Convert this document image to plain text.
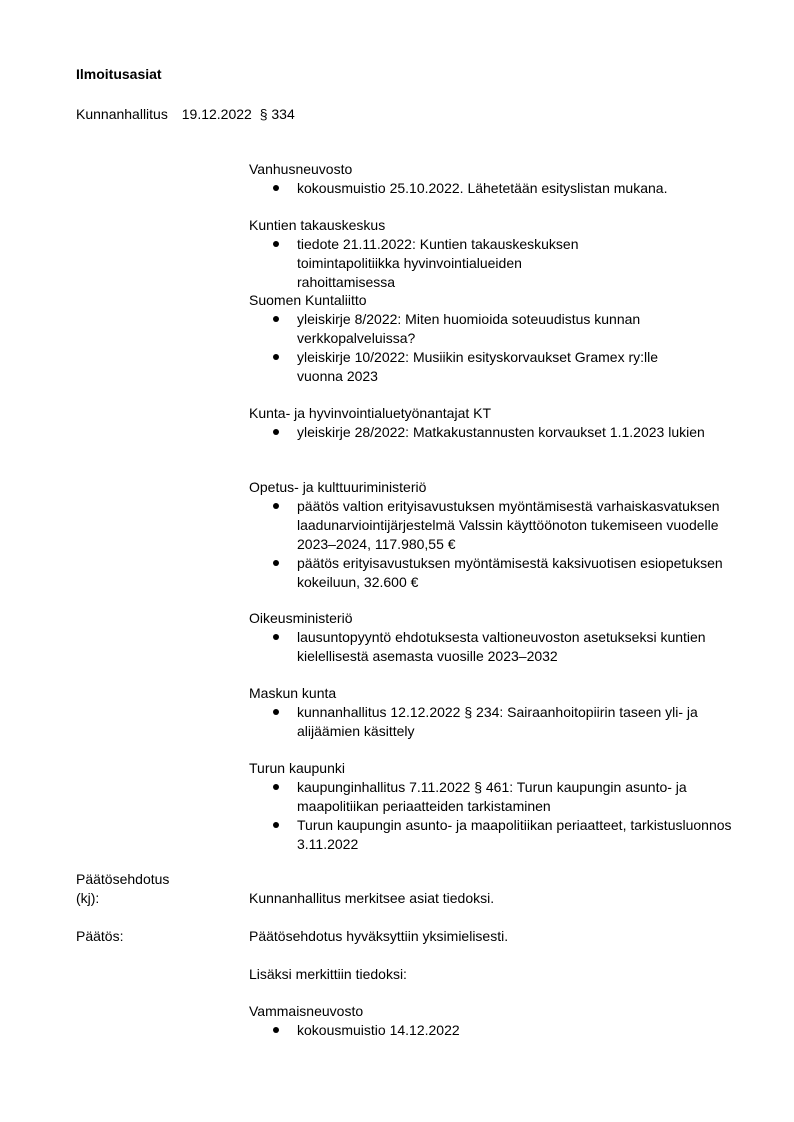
Ilmoitusasiat
Kunnanhallitus 19.12.2022 § 334
Vanhusneuvosto
kokousmuistio 25.10.2022. Lähetetään esityslistan mukana.
Kuntien takauskeskus
tiedote 21.11.2022: Kuntien takauskeskuksen toimintapolitiikka hyvinvointialueiden rahoittamisessa
Suomen Kuntaliitto
yleiskirje 8/2022: Miten huomioida soteuudistus kunnan verkkopalveluissa?
yleiskirje 10/2022: Musiikin esityskorvaukset Gramex ry:lle vuonna 2023
Kunta- ja hyvinvointialuetyönantajat KT
yleiskirje 28/2022: Matkakustannusten korvaukset 1.1.2023 lukien
Opetus- ja kulttuuriministeriö
päätös valtion erityisavustuksen myöntämisestä varhaiskasvatuksen laadunarviointijärjestelmä Valssin käyttöönoton tukemiseen vuodelle 2023–2024, 117.980,55 €
päätös erityisavustuksen myöntämisestä kaksivuotisen esiopetuksen kokeiluun, 32.600 €
Oikeusministeriö
lausuntopyyntö ehdotuksesta valtioneuvoston asetukseksi kuntien kielellisestä asemasta vuosille 2023–2032
Maskun kunta
kunnanhallitus 12.12.2022 § 234: Sairaanhoitopiirin taseen yli- ja alijäämien käsittely
Turun kaupunki
kaupunginhallitus 7.11.2022 § 461: Turun kaupungin asunto- ja maapolitiikan periaatteiden tarkistaminen
Turun kaupungin asunto- ja maapolitiikan periaatteet, tarkistusluonnos 3.11.2022
Päätösehdotus
(kj):	Kunnanhallitus merkitsee asiat tiedoksi.
Päätös:	Päätösehdotus hyväksyttiin yksimielisesti.
Lisäksi merkittiin tiedoksi:
Vammaisneuvosto
kokousmuistio 14.12.2022
